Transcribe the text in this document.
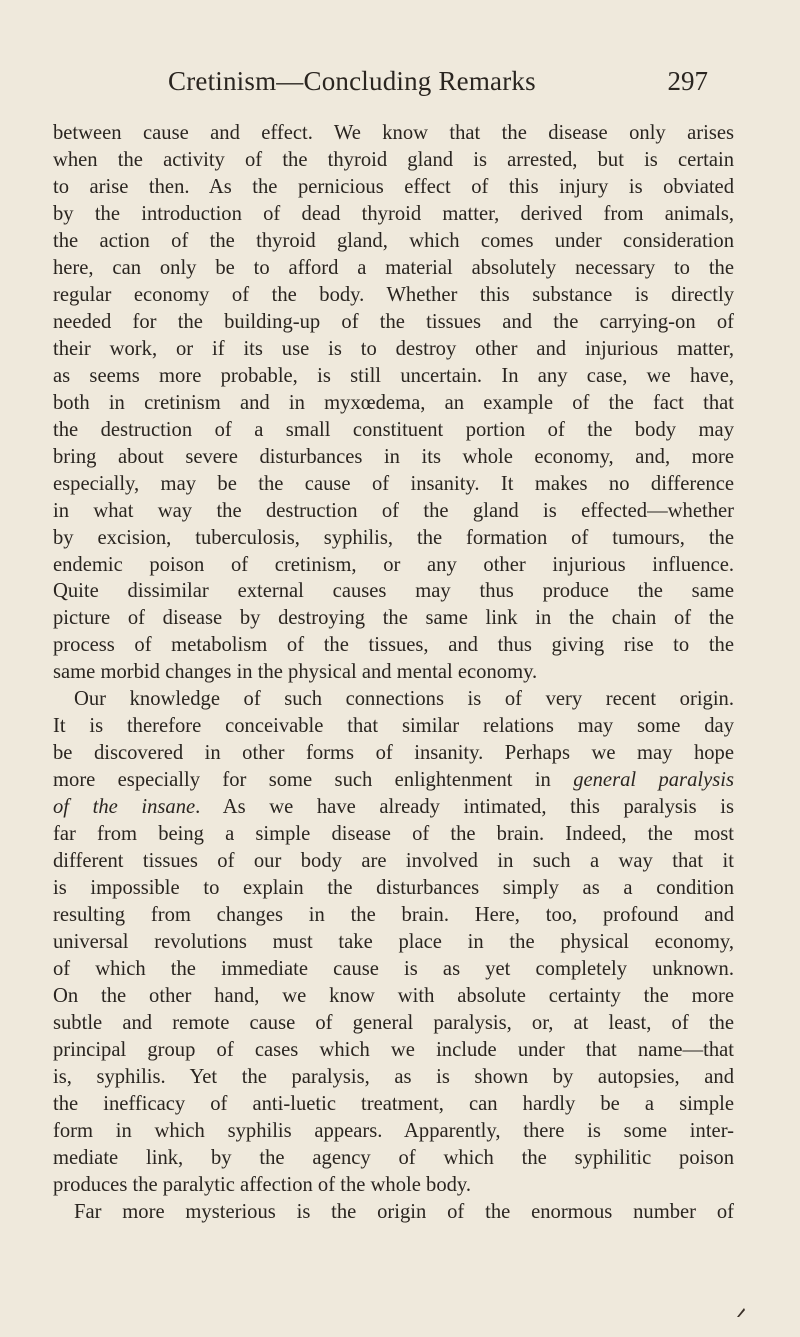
Cretinism—Concluding Remarks	297
between cause and effect. We know that the disease only arises
when the activity of the thyroid gland is arrested, but is certain
to arise then. As the pernicious effect of this injury is obviated
by the introduction of dead thyroid matter, derived from animals,
the action of the thyroid gland, which comes under consideration
here, can only be to afford a material absolutely necessary to the
regular economy of the body. Whether this substance is directly
needed for the building-up of the tissues and the carrying-on of
their work, or if its use is to destroy other and injurious matter,
as seems more probable, is still uncertain. In any case, we have,
both in cretinism and in myxœdema, an example of the fact that
the destruction of a small constituent portion of the body may
bring about severe disturbances in its whole economy, and, more
especially, may be the cause of insanity. It makes no difference
in what way the destruction of the gland is effected—whether
by excision, tuberculosis, syphilis, the formation of tumours, the
endemic poison of cretinism, or any other injurious influence.
Quite dissimilar external causes may thus produce the same
picture of disease by destroying the same link in the chain of the
process of metabolism of the tissues, and thus giving rise to the
same morbid changes in the physical and mental economy.
Our knowledge of such connections is of very recent origin.
It is therefore conceivable that similar relations may some day
be discovered in other forms of insanity. Perhaps we may hope
more especially for some such enlightenment in general paralysis
of the insane. As we have already intimated, this paralysis is
far from being a simple disease of the brain. Indeed, the most
different tissues of our body are involved in such a way that it
is impossible to explain the disturbances simply as a condition
resulting from changes in the brain. Here, too, profound and
universal revolutions must take place in the physical economy,
of which the immediate cause is as yet completely unknown.
On the other hand, we know with absolute certainty the more
subtle and remote cause of general paralysis, or, at least, of the
principal group of cases which we include under that name—that
is, syphilis. Yet the paralysis, as is shown by autopsies, and
the inefficacy of anti-luetic treatment, can hardly be a simple
form in which syphilis appears. Apparently, there is some inter-
mediate link, by the agency of which the syphilitic poison
produces the paralytic affection of the whole body.
Far more mysterious is the origin of the enormous number of
